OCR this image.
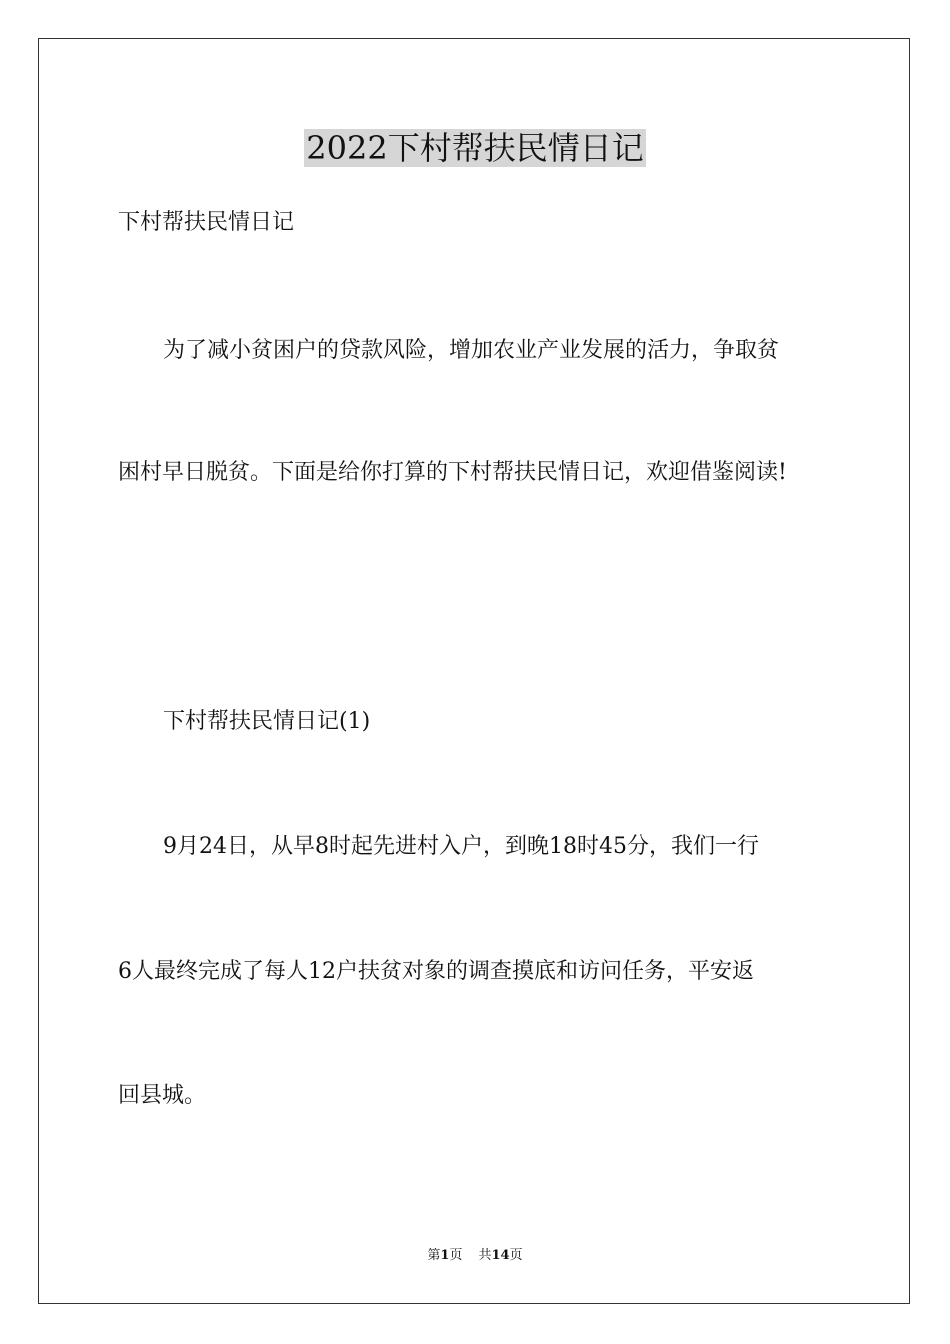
2022下村帮扶民情日记
下村帮扶民情日记
为了减小贫困户的贷款风险，增加农业产业发展的活力，争取贫
困村早日脱贫。下面是给你打算的下村帮扶民情日记，欢迎借鉴阅读!
下村帮扶民情日记(1)
9月24日，从早8时起先进村入户，到晚18时45分，我们一行
6人最终完成了每人12户扶贫对象的调查摸底和访问任务，平安返
回县城。
第1页 共14页
